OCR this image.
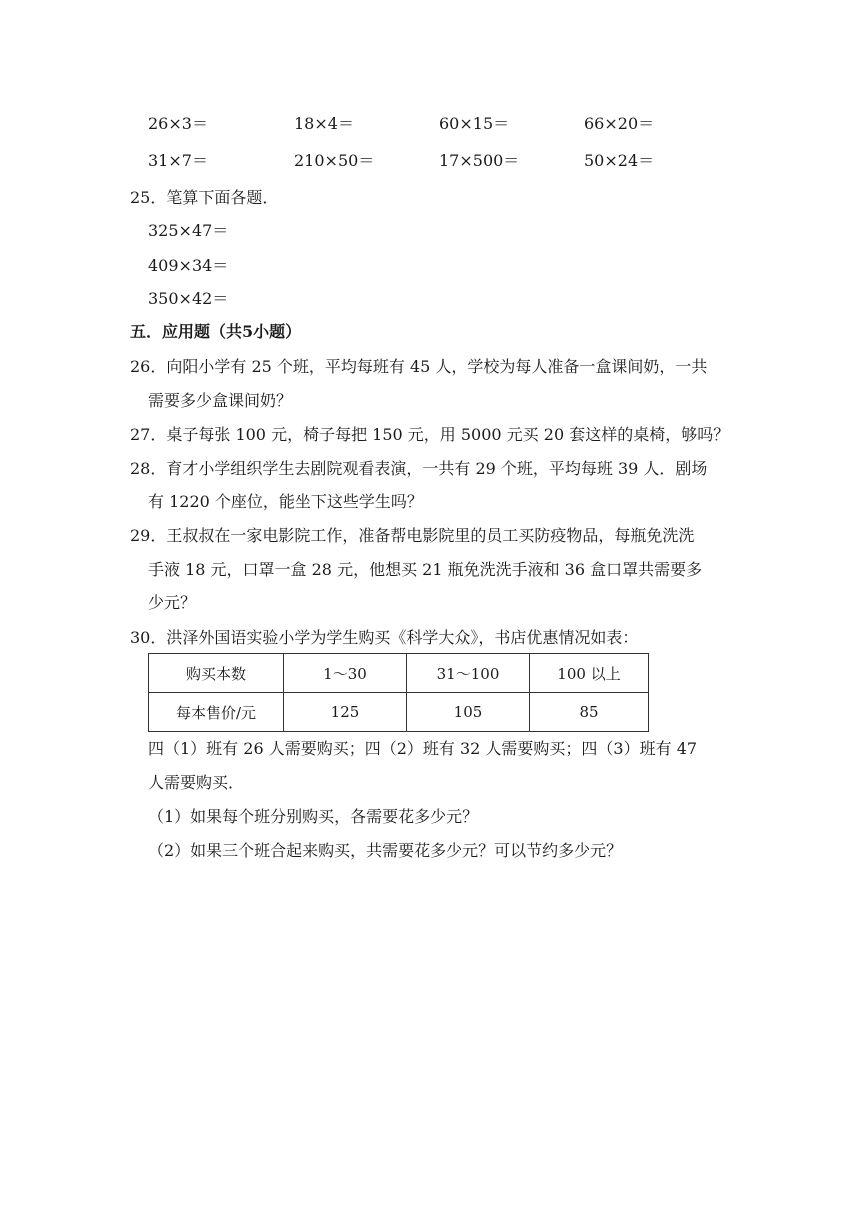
26×3＝	18×4＝	60×15＝	66×20＝
31×7＝	210×50＝	17×500＝	50×24＝
25．笔算下面各题．
325×47＝
409×34＝
350×42＝
五．应用题（共5小题）
26．向阳小学有 25 个班，平均每班有 45 人，学校为每人准备一盒课间奶，一共
需要多少盒课间奶？
27．桌子每张 100 元，椅子每把 150 元，用 5000 元买 20 套这样的桌椅，够吗？
28．育才小学组织学生去剧院观看表演，一共有 29 个班，平均每班 39 人．剧场
有 1220 个座位，能坐下这些学生吗？
29．王叔叔在一家电影院工作，准备帮电影院里的员工买防疫物品，每瓶免洗洗
手液 18 元，口罩一盒 28 元，他想买 21 瓶免洗洗手液和 36 盒口罩共需要多
少元？
30．洪泽外国语实验小学为学生购买《科学大众》，书店优惠情况如表：
购买本数	1～30	31～100	100 以上
每本售价/元	125	105	85
四（1）班有 26 人需要购买；四（2）班有 32 人需要购买；四（3）班有 47
人需要购买．
（1）如果每个班分别购买，各需要花多少元？
（2）如果三个班合起来购买，共需要花多少元？可以节约多少元？
